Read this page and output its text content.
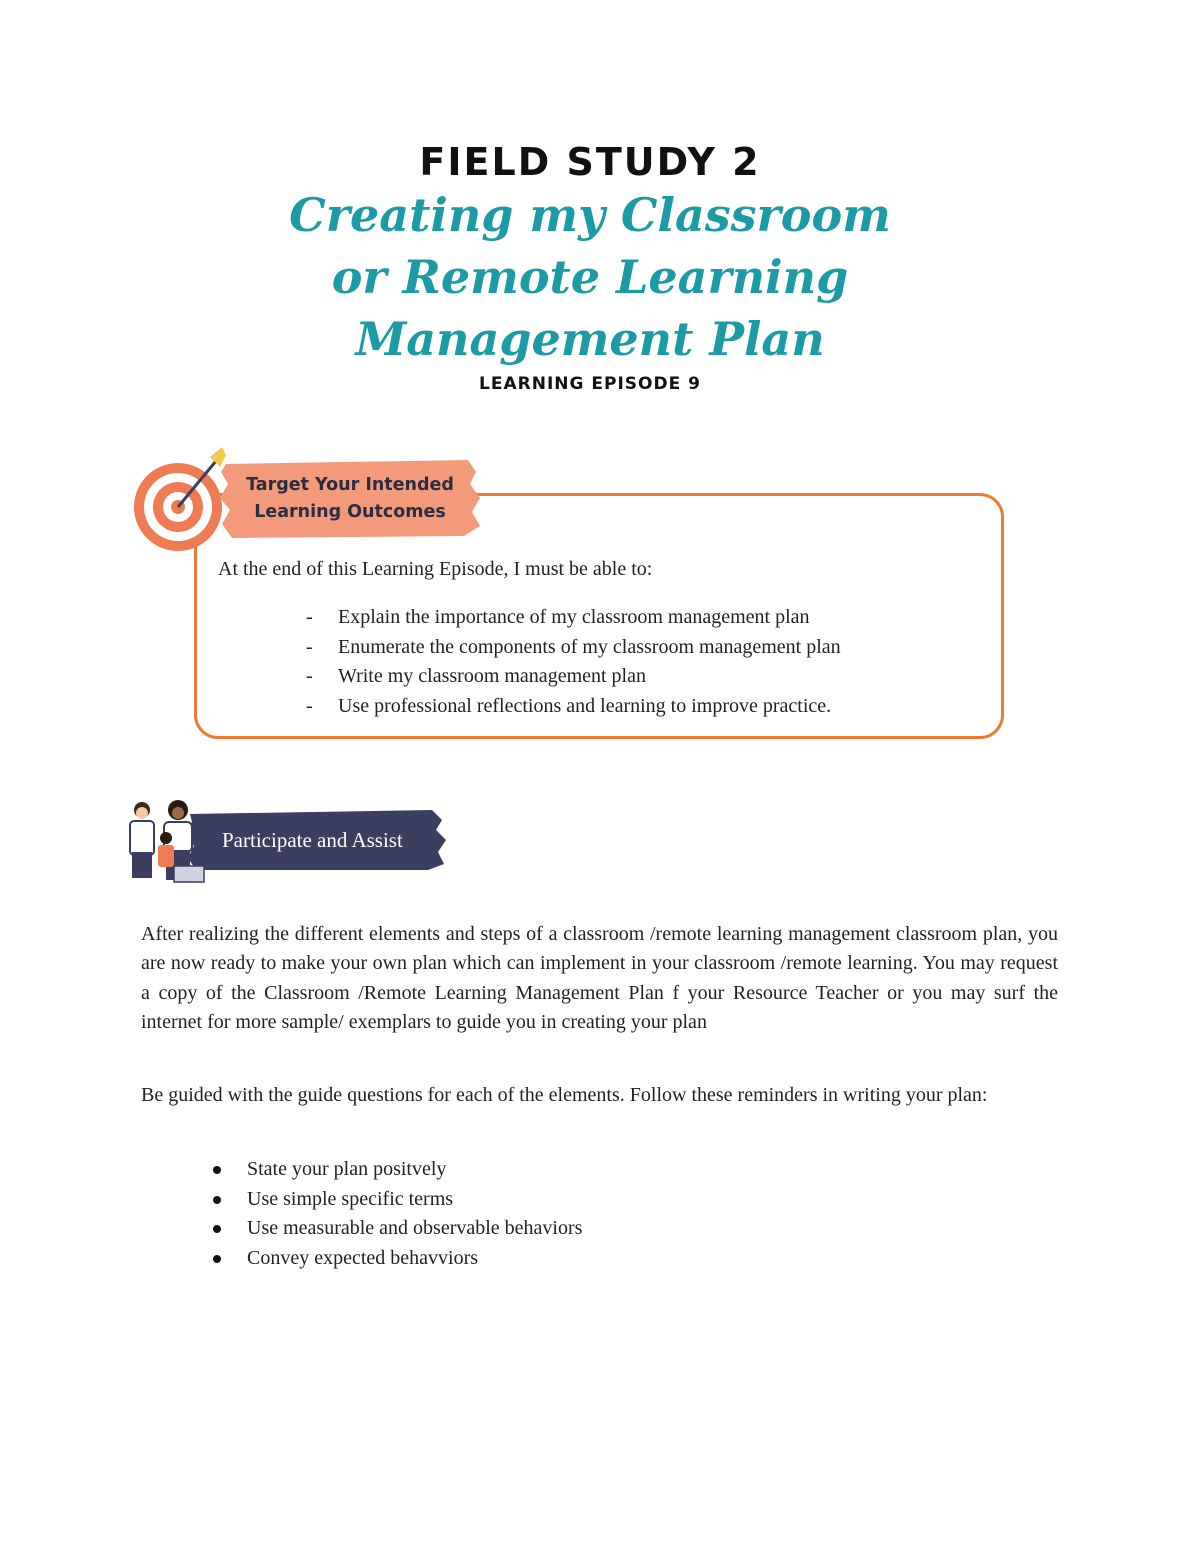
FIELD STUDY 2
Creating my Classroom
or Remote Learning
Management Plan
LEARNING EPISODE 9
Target Your Intended Learning Outcomes
At the end of this Learning Episode, I must be able to:
- Explain the importance of my classroom management plan
- Enumerate the components of my classroom management plan
- Write my classroom management plan
- Use professional reflections and learning to improve practice.
Participate and Assist

After realizing the different elements and steps of a classroom /remote learning management classroom plan, you are now ready to make your own plan which can implement in your classroom /remote learning. You may request a copy of the Classroom /Remote Learning Management Plan f your Resource Teacher or you may surf the internet for more sample/ exemplars to guide you in creating your plan

Be guided with the guide questions for each of the elements. Follow these reminders in writing your plan:

State your plan positvely
Use simple specific terms
Use measurable and observable behaviors
Convey expected behavviors
